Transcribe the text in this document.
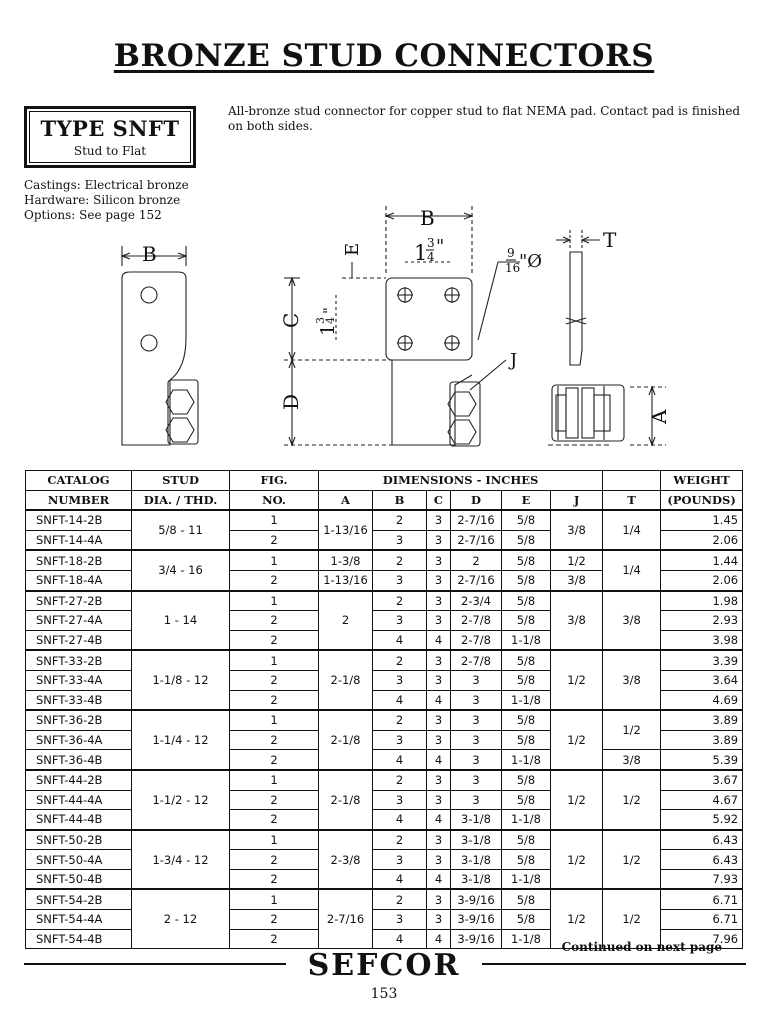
BRONZE STUD CONNECTORS
TYPE SNFT
Stud to Flat
All-bronze stud connector for copper stud to flat NEMA pad. Contact pad is finished on both sides.
Castings: Electrical bronze
Hardware: Silicon bronze
Options: See page 152
B
B
1 3
4 "
E
C
D
1
3
4
"
9
16
"Ø
J
T
A
CATALOG	STUD	FIG.	DIMENSIONS - INCHES							WEIGHT
NUMBER	DIA. / THD.	NO.	A	B	C	D	E	J	T	(POUNDS)
SNFT-14-2B	5/8 - 11	1	1-13/16	2	3	2-7/16	5/8	3/8	1/4	1.45
SNFT-14-4A		2		3	3	2-7/16	5/8			2.06
SNFT-18-2B	3/4 - 16	1	1-3/8	2	3	2	5/8	1/2	1/4	1.44
SNFT-18-4A		2	1-13/16	3	3	2-7/16	5/8	3/8		2.06
SNFT-27-2B	1 - 14	1	2	2	3	2-3/4	5/8	3/8	3/8	1.98
SNFT-27-4A		2		3	3	2-7/8	5/8			2.93
SNFT-27-4B		2		4	4	2-7/8	1-1/8			3.98
SNFT-33-2B	1-1/8 - 12	1	2-1/8	2	3	2-7/8	5/8	1/2	3/8	3.39
SNFT-33-4A		2		3	3	3	5/8			3.64
SNFT-33-4B		2		4	4	3	1-1/8			4.69
SNFT-36-2B	1-1/4 - 12	1	2-1/8	2	3	3	5/8	1/2	1/2	3.89
SNFT-36-4A		2		3	3	3	5/8			3.89
SNFT-36-4B		2		4	4	3	1-1/8		3/8	5.39
SNFT-44-2B	1-1/2 - 12	1	2-1/8	2	3	3	5/8	1/2	1/2	3.67
SNFT-44-4A		2		3	3	3	5/8			4.67
SNFT-44-4B		2		4	4	3-1/8	1-1/8			5.92
SNFT-50-2B	1-3/4 - 12	1	2-3/8	2	3	3-1/8	5/8	1/2	1/2	6.43
SNFT-50-4A		2		3	3	3-1/8	5/8			6.43
SNFT-50-4B		2		4	4	3-1/8	1-1/8			7.93
SNFT-54-2B	2 - 12	1	2-7/16	2	3	3-9/16	5/8	1/2	1/2	6.71
SNFT-54-4A		2		3	3	3-9/16	5/8			6.71
SNFT-54-4B		2		4	4	3-9/16	1-1/8			7.96
Continued on next page
SEFCOR
153
